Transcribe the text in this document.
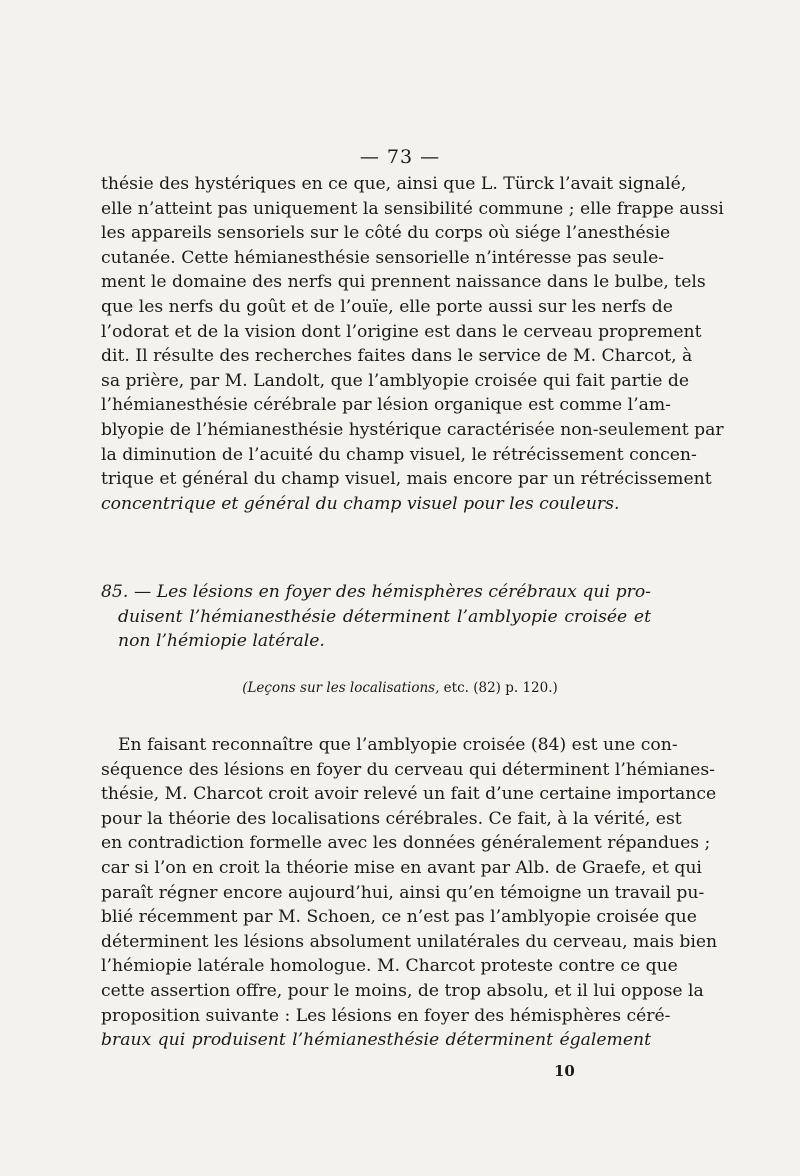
— 73 —
thésie des hystériques en ce que, ainsi que L. Türck l’avait signalé,
elle n’atteint pas uniquement la sensibilité commune ; elle frappe aussi
les appareils sensoriels sur le côté du corps où siége l’anesthésie
cutanée. Cette hémianesthésie sensorielle n’intéresse pas seule-
ment le domaine des nerfs qui prennent naissance dans le bulbe, tels
que les nerfs du goût et de l’ouïe, elle porte aussi sur les nerfs de
l’odorat et de la vision dont l’origine est dans le cerveau proprement
dit. Il résulte des recherches faites dans le service de M. Charcot, à
sa prière, par M. Landolt, que l’amblyopie croisée qui fait partie de
l’hémianesthésie cérébrale par lésion organique est comme l’am-
blyopie de l’hémianesthésie hystérique caractérisée non-seulement par
la diminution de l’acuité du champ visuel, le rétrécissement concen-
trique et général du champ visuel, mais encore par un rétrécissement
concentrique et général du champ visuel pour les couleurs.
85. — Les lésions en foyer des hémisphères cérébraux qui pro-
duisent l’hémianesthésie déterminent l’amblyopie croisée et
non l’hémiopie latérale.
(Leçons sur les localisations, etc. (82) p. 120.)
En faisant reconnaître que l’amblyopie croisée (84) est une con-
séquence des lésions en foyer du cerveau qui déterminent l’hémianes-
thésie, M. Charcot croit avoir relevé un fait d’une certaine importance
pour la théorie des localisations cérébrales. Ce fait, à la vérité, est
en contradiction formelle avec les données généralement répandues ;
car si l’on en croit la théorie mise en avant par Alb. de Graefe, et qui
paraît régner encore aujourd’hui, ainsi qu’en témoigne un travail pu-
blié récemment par M. Schoen, ce n’est pas l’amblyopie croisée que
déterminent les lésions absolument unilatérales du cerveau, mais bien
l’hémiopie latérale homologue. M. Charcot proteste contre ce que
cette assertion offre, pour le moins, de trop absolu, et il lui oppose la
proposition suivante : Les lésions en foyer des hémisphères céré-
braux qui produisent l’hémianesthésie déterminent également
10
